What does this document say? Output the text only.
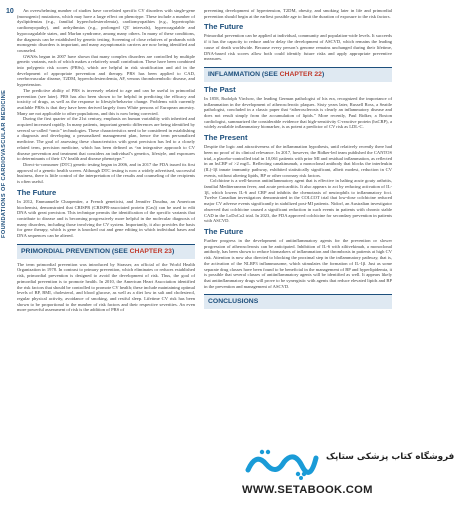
10
FOUNDATIONS OF CARDIOVASCULAR MEDICINE

An overwhelming number of studies have correlated specific CV disorders with single-gene (monogenic) mutations, which may have a large effect on phenotype. These include a number of dyslipidemias (e.g., familial hypercholesterolemia), cardiomyopathies (e.g., hypertrophic cardiomyopathy), and arrhythmias (e.g., prolonged QT intervals), hypercoagulable and hypocoagulable states, and Marfan syndrome, among many others. In many of these conditions, the diagnosis can be established by genetic testing. Screening of close relatives of probands with monogenic disorders is important, and many asymptomatic carriers are now being identified and counseled.

GWASs begun in 2007 have shown that many complex disorders are controlled by multiple genetic variants, each of which makes a relatively small contribution. These have been combined into polygenic risk scores (PRSs), which are helpful in risk stratification and aid in the development of appropriate prevention and therapy. PRS has been applied to CAD, cerebrovascular disease, T2DM, hypercholesterolemia, AF, venous thromboembolic disease, and hypertension.

The predictive ability of PRS is inversely related to age and can be useful in primordial prevention (see later). PRS has also been shown to be helpful in predicting the efficacy and toxicity of drugs, as well as the response to lifestyle/behavior change. Problems with currently available PRSs is that they have been derived largely from White persons of European ancestry. Many are not applicable to other populations, and this is now being corrected.

During the first quarter of the 21st century, emphasis on human variability with inherited and acquired increased rapidly. In many patients, important genetic differences are being identified by several so-called “omic” technologies. These characteristics need to be considered in establishing a diagnosis and developing a personalized management plan, hence the term personalized medicine. The goal of assessing these characteristics with great precision has led to a closely related term, precision medicine, which has been defined as “an integrative approach to CV disease prevention and treatment that considers an individual’s genetics, lifestyle, and exposures to determinants of their CV health and disease phenotype.”

Direct-to-consumer (DTC) genetic testing began in 2006, and in 2017 the FDA issued its first approval of a genetic health screen. Although DTC testing is now a widely advertised, successful business, there is little control of the interpretation of the results and counseling of the recipients is often useful.

The Future

In 2012, Emmanuelle Charpentier, a French geneticist, and Jennifer Doudna, an American biochemist, demonstrated that CRISPR (CRISPR-associated protein (Cas)) can be used to edit DNA with great precision. This technique permits the identification of the specific variants that contribute to disease and is becoming progressively more helpful in the molecular diagnosis of many disorders, including those involving the CV system. Importantly, it also provides the basis for gene therapy, which is gene is knocked out and gene editing in which individual bases and DNA sequences can be altered.

PRIMORDIAL PREVENTION (SEE CHAPTER 23)

The term primordial prevention was introduced by Strasser, an official of the World Health Organization in 1978. In contrast to primary prevention, which eliminates or reduces established risk, primordial prevention is designed to avoid the development of risk. Thus, the goal of primordial prevention is to promote health. In 2010, the American Heart Association identified the risk factors that should be controlled to promote CV health; these include maintaining optimal levels of BP, BMI, cholesterol, and blood glucose, as well as a diet low in salt and cholesterol, regular physical activity, avoidance of smoking, and restful sleep. Lifetime CV risk has been shown to be proportional to the number of risk factors and their respective severities. An even more powerful assessment of risk is the addition of PRS of

preventing development of hypertension, T2DM, obesity, and smoking later in life and primordial prevention should begin at the earliest possible age to limit the duration of exposure to the risk factors.

The Future

Primordial prevention can be applied at individual, community and population-wide levels. It succeeds if it has the capacity to reduce and/or delay the development of ASCVD, which remains the leading cause of death worldwide. Because every person’s genome remains unchanged during their lifetime, DNA-based risk scores allow both could identify future risks and apply appropriate preventive measures.

INFLAMMATION (SEE CHAPTER 22)
The Past

In 1858, Rudolph Virchow, the leading German pathologist of his era, recognized the importance of inflammation in the development of atherosclerotic plaques. Sixty years later, Russell Ross, a Seattle pathologist, concluded in a classic paper that “atherosclerosis is clearly an inflammatory disease and does not result simply from the accumulation of lipids.” More recently, Paul Ridker, a Boston cardiologist, summarized the considerable evidence that high-sensitivity C-reactive protein (hsCRP), a widely available inflammatory biomarker, is as potent a predictor of CV risk as LDL-C.

The Present

Despite the logic and attractiveness of the inflammation hypothesis, until relatively recently there had been no proof of its clinical relevance. In 2017, however, the Ridker-led team published the CANTOS trial, a placebo-controlled trial in 10,061 patients with prior MI and residual inflammation, as reflected in an hsCRP of >2 mg/L. Reflecting canakinumab, a monoclonal antibody that blocks the interleukin (IL)-1β innate immunity pathway, exhibited statistically significant, albeit modest, reduction in CV events, without altering lipids, BP or other coronary risk factors.

Colchicine is a well-known antiinflammatory agent that is effective in halting acute gouty arthritis, familial Mediterranean fever, and acute pericarditis. It also appears to act by reducing activation of IL-1β, which lowers IL-6 and CRP and inhibits the chemotaxis of neutrophils to inflammatory foci. Twelve Canadian investigators demonstrated in the COLCOT trial that low-dose colchicine reduced major CV adverse events significantly in stabilized post-MI patients. Nidorf, an Australian investigator observed that colchicine caused a significant reduction in such events in patients with chronic stable CAD in the LoDoCo2 trial. In 2023, the FDA approved colchicine for secondary prevention in patients with ASCVD.

The Future

Further progress in the development of antiinflammatory agents for the prevention or slower progression of atherosclerosis can be anticipated. Inhibition of IL-6 with ziltivekimab, a monoclonal antibody, has been shown to reduce biomarkers of inflammation and thrombosis in patients at high CV risk. Attention is now also directed to blocking the proximal step in the inflammatory pathway, that is, the activation of the NLRP3 inflammasome, which stimulates the formation of IL-1β. Just as some separate drug classes have been found to be beneficial in the management of BP and hyperlipidemia, it is possible that several classes of antiinflammatory agents will be identified as well. It appears likely that antiinflammatory drugs will prove to be synergistic with agents that reduce elevated lipids and BP in the prevention and management of ASCVD.

CONCLUSIONS
فروشگاه کتاب پزشکی ستاپک
WWW.SETABOOK.COM
